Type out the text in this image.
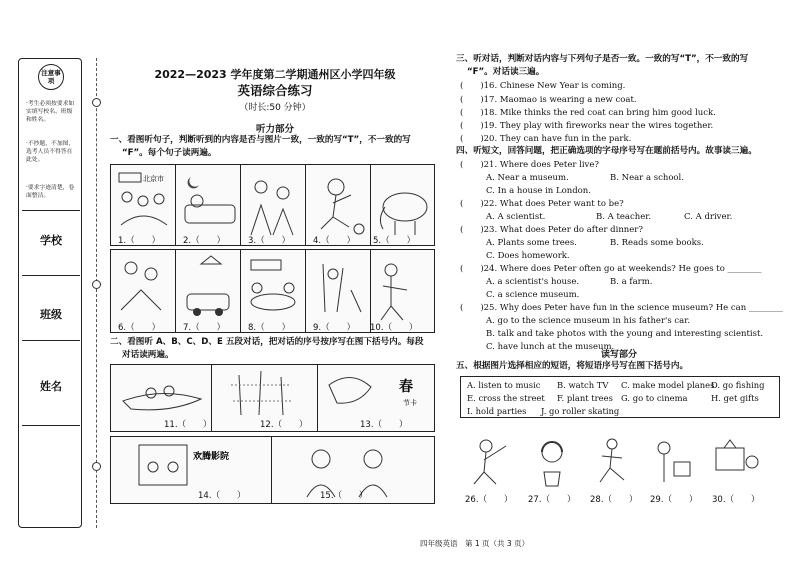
注意事项
·考生必须按要求如实填写校名、班级和姓名。
·不抄题，不加图，选考人员不得答在此处。
·要求字迹清楚，卷面整洁。
学校
班级
姓名
2022—2023 学年度第二学期通州区小学四年级
英语综合练习
（时长:50 分钟）
听力部分
一、看图听句子，判断听到的内容是否与图片一致，一致的写“T”，不一致的写
“F”。每个句子读两遍。
北京市
1.（　　）	2.（　　）	3.（　　）	4.（　　） 5.（　　）
6.（　　）	7.（　　）	8.（　　）	9.（　　） 10.（　　）
二、看图听 A、B、C、D、E 五段对话，把对话的序号按序写在图下括号内。每段
对话读两遍。
春
节卡
11.（　　）	12.（　　）	13.（　　）
欢腾影院
14.（　　）	15.（　　）
三、听对话，判断对话内容与下列句子是否一致。一致的写“T”，不一致的写
“F”。对话读三遍。
(　　)16. Chinese New Year is coming.
(　　)17. Maomao is wearing a new coat.
(　　)18. Mike thinks the red coat can bring him good luck.
(　　)19. They play with fireworks near the wires together.
(　　)20. They can have fun in the park.
四、听短文，回答问题，把正确选项的字母序号写在题前括号内。故事读三遍。
(　　)21. Where does Peter live?
A. Near a museum.	B. Near a school.
C. In a house in London.
(　　)22. What does Peter want to be?
A. A scientist.	B. A teacher.	C. A driver.
(　　)23. What does Peter do after dinner?
A. Plants some trees.	B. Reads some books.
C. Does homework.
(　　)24. Where does Peter often go at weekends? He goes to ________
A. a scientist's house.	B. a farm.
C. a science museum.
(　　)25. Why does Peter have fun in the science museum? He can ________
A. go to the science museum in his father's car.
B. talk and take photos with the young and interesting scientist.
C. have lunch at the museum.
读写部分
五、根据图片选择相应的短语，将短语序号写在图下括号内。
A. listen to music B. watch TV C. make model planes
D. go fishing
E. cross the street F. plant trees G. go to cinema	H. get gifts
I. hold parties J. go roller skating
26.（　　） 27.（　　） 28.（　　） 29.（　　） 30.（　　）
四年级英语　第 1 页（共 3 页）
